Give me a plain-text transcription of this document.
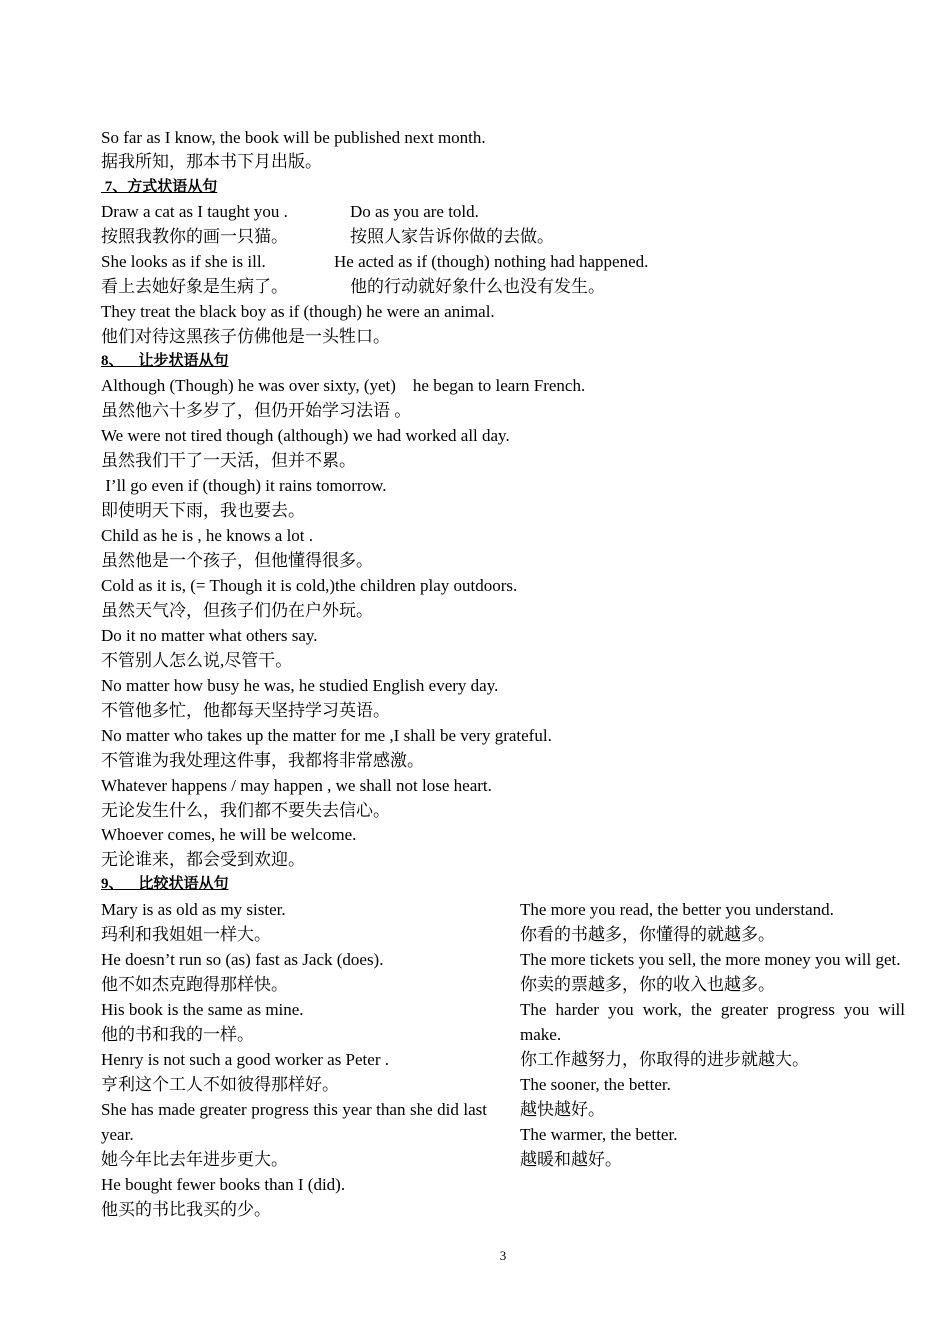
So far as I know, the book will be published next month.
据我所知，那本书下月出版。
7、方式状语从句
Draw a cat as I taught you .	Do as you are told.
按照我教你的画一只猫。	按照人家告诉你做的去做。
She looks as if she is ill.	He acted as if (though) nothing had happened.
看上去她好象是生病了。	他的行动就好象什么也没有发生。
They treat the black boy as if (though) he were an animal.
他们对待这黑孩子仿佛他是一头牲口。
8、    让步状语从句
Although (Though) he was over sixty, (yet)    he began to learn French.
虽然他六十多岁了，但仍开始学习法语 。
We were not tired though (although) we had worked all day.
虽然我们干了一天活，但并不累。
I’ll go even if (though) it rains tomorrow.
即使明天下雨，我也要去。
Child as he is , he knows a lot .
虽然他是一个孩子，但他懂得很多。
Cold as it is, (= Though it is cold,)the children play outdoors.
虽然天气冷，但孩子们仍在户外玩。
Do it no matter what others say.
不管别人怎么说,尽管干。
No matter how busy he was, he studied English every day.
不管他多忙，他都每天坚持学习英语。
No matter who takes up the matter for me ,I shall be very grateful.
不管谁为我处理这件事，我都将非常感激。
Whatever happens / may happen , we shall not lose heart.
无论发生什么，我们都不要失去信心。
Whoever comes, he will be welcome.
无论谁来，都会受到欢迎。
9、    比较状语从句
Mary is as old as my sister.
玛利和我姐姐一样大。
He doesn’t run so (as) fast as Jack (does).
他不如杰克跑得那样快。
His book is the same as mine.
他的书和我的一样。
Henry is not such a good worker as Peter .
亨利这个工人不如彼得那样好。
She has made greater progress this year than she did last year.
她今年比去年进步更大。
He bought fewer books than I (did).
他买的书比我买的少。
The more you read, the better you understand.
你看的书越多，你懂得的就越多。
The more tickets you sell, the more money you will get.
你卖的票越多，你的收入也越多。
The harder you work, the greater progress you will make.
你工作越努力，你取得的进步就越大。
The sooner, the better.
越快越好。
The warmer, the better.
越暖和越好。
3
